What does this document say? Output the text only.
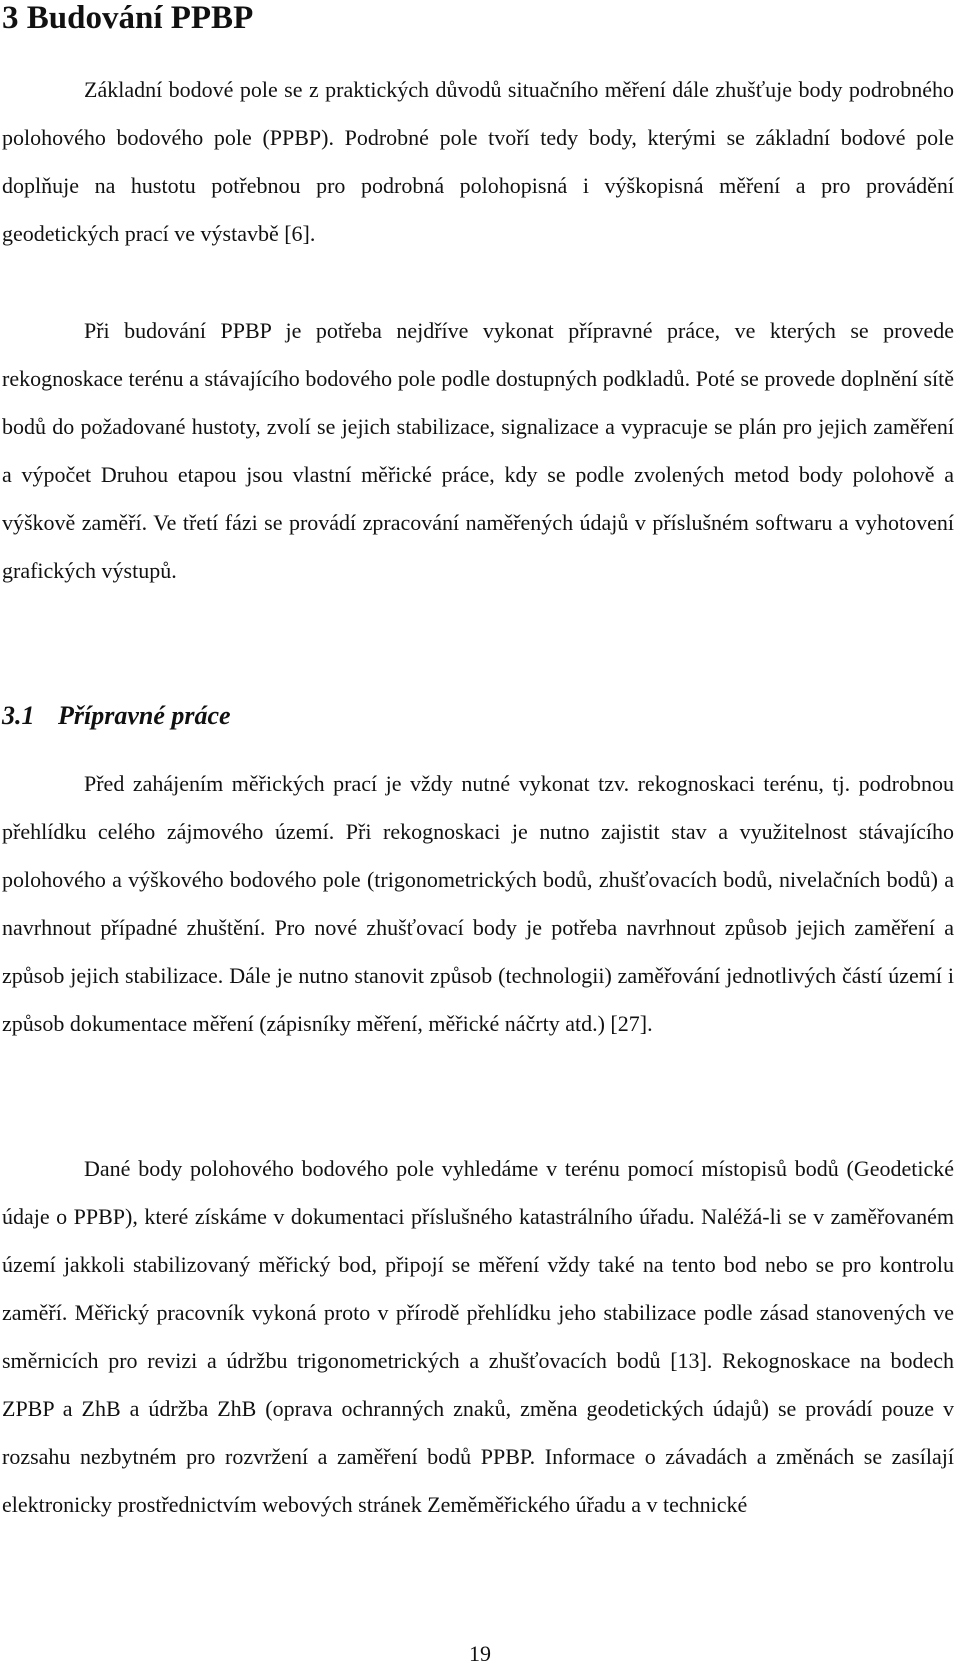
3 Budování PPBP

Základní bodové pole se z praktických důvodů situačního měření dále zhušťuje body podrobného polohového bodového pole (PPBP). Podrobné pole tvoří tedy body, kterými se základní bodové pole doplňuje na hustotu potřebnou pro podrobná polohopisná i výškopisná měření a pro provádění geodetických prací ve výstavbě [6].

Při budování PPBP je potřeba nejdříve vykonat přípravné práce, ve kterých se provede rekognoskace terénu a stávajícího bodového pole podle dostupných podkladů. Poté se provede doplnění sítě bodů do požadované hustoty, zvolí se jejich stabilizace, signalizace a vypracuje se plán pro jejich zaměření a výpočet Druhou etapou jsou vlastní měřické práce, kdy se podle zvolených metod body polohově a výškově zaměří. Ve třetí fázi se provádí zpracování naměřených údajů v příslušném softwaru a vyhotovení grafických výstupů.

3.1 Přípravné práce

Před zahájením měřických prací je vždy nutné vykonat tzv. rekognoskaci terénu, tj. podrobnou přehlídku celého zájmového území. Při rekognoskaci je nutno zajistit stav a využitelnost stávajícího polohového a výškového bodového pole (trigonometrických bodů, zhušťovacích bodů, nivelačních bodů) a navrhnout případné zhuštění. Pro nové zhušťovací body je potřeba navrhnout způsob jejich zaměření a způsob jejich stabilizace. Dále je nutno stanovit způsob (technologii) zaměřování jednotlivých částí území i způsob dokumentace měření (zápisníky měření, měřické náčrty atd.) [27].

Dané body polohového bodového pole vyhledáme v terénu pomocí místopisů bodů (Geodetické údaje o PPBP), které získáme v dokumentaci příslušného katastrálního úřadu. Naléžá-li se v zaměřovaném území jakkoli stabilizovaný měřický bod, připojí se měření vždy také na tento bod nebo se pro kontrolu zaměří. Měřický pracovník vykoná proto v přírodě přehlídku jeho stabilizace podle zásad stanovených ve směrnicích pro revizi a údržbu trigonometrických a zhušťovacích bodů [13]. Rekognoskace na bodech ZPBP a ZhB a údržba ZhB (oprava ochranných znaků, změna geodetických údajů) se provádí pouze v rozsahu nezbytném pro rozvržení a zaměření bodů PPBP. Informace o závadách a změnách se zasílají elektronicky prostřednictvím webových stránek Zeměměřického úřadu a v technické

19
